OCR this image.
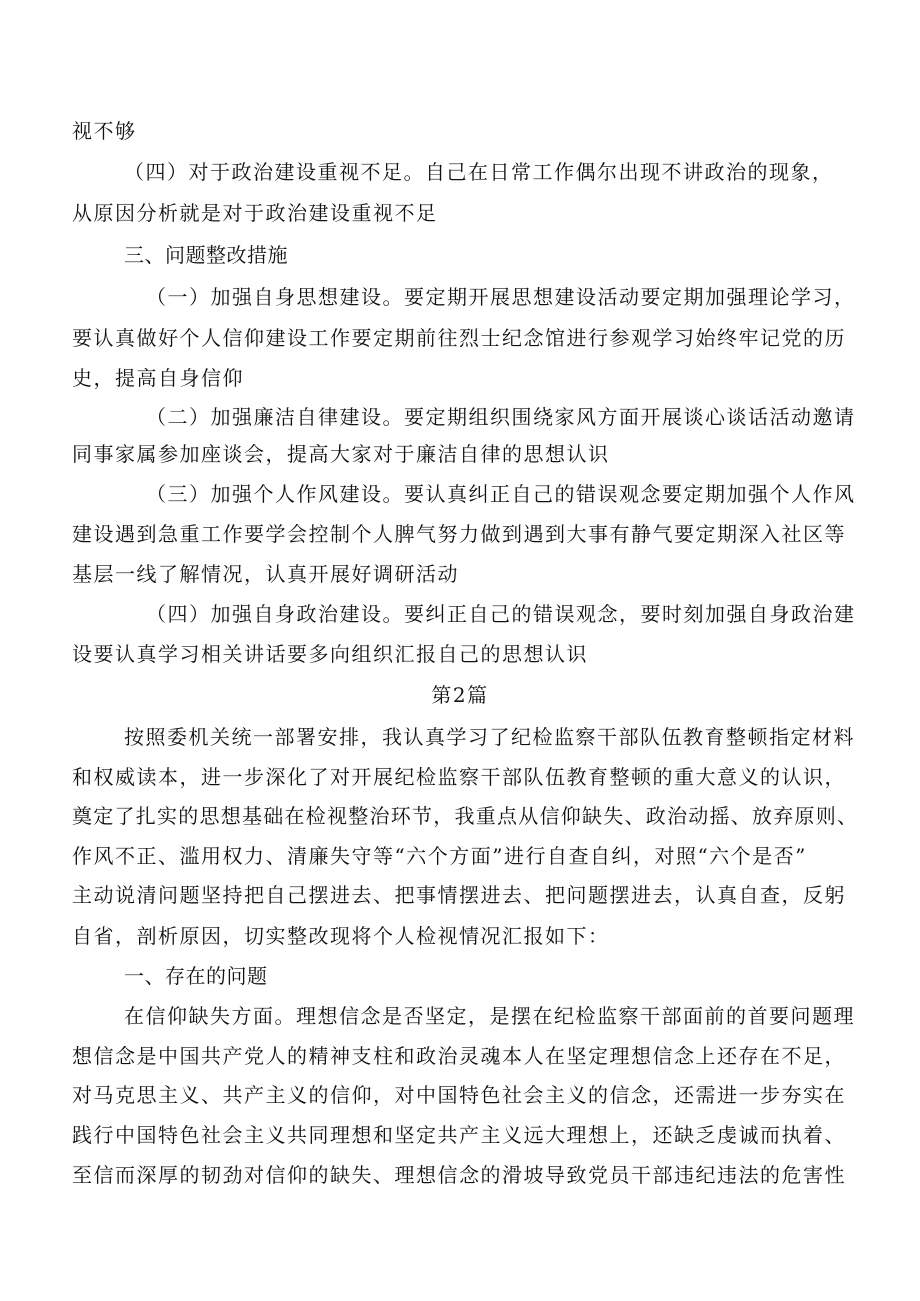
视不够
（四）对于政治建设重视不足。自己在日常工作偶尔出现不讲政治的现象，
从原因分析就是对于政治建设重视不足
三、问题整改措施
（一）加强自身思想建设。要定期开展思想建设活动要定期加强理论学习，
要认真做好个人信仰建设工作要定期前往烈士纪念馆进行参观学习始终牢记党的历
史，提高自身信仰
（二）加强廉洁自律建设。要定期组织围绕家风方面开展谈心谈话活动邀请
同事家属参加座谈会，提高大家对于廉洁自律的思想认识
（三）加强个人作风建设。要认真纠正自己的错误观念要定期加强个人作风
建设遇到急重工作要学会控制个人脾气努力做到遇到大事有静气要定期深入社区等
基层一线了解情况，认真开展好调研活动
（四）加强自身政治建设。要纠正自己的错误观念，要时刻加强自身政治建
设要认真学习相关讲话要多向组织汇报自己的思想认识
第2篇
按照委机关统一部署安排，我认真学习了纪检监察干部队伍教育整顿指定材料
和权威读本，进一步深化了对开展纪检监察干部队伍教育整顿的重大意义的认识，
奠定了扎实的思想基础在检视整治环节，我重点从信仰缺失、政治动摇、放弃原则、
作风不正、滥用权力、清廉失守等“六个方面”进行自查自纠，对照“六个是否”
主动说清问题坚持把自己摆进去、把事情摆进去、把问题摆进去，认真自查，反躬
自省，剖析原因，切实整改现将个人检视情况汇报如下：
一、存在的问题
在信仰缺失方面。理想信念是否坚定，是摆在纪检监察干部面前的首要问题理
想信念是中国共产党人的精神支柱和政治灵魂本人在坚定理想信念上还存在不足，
对马克思主义、共产主义的信仰，对中国特色社会主义的信念，还需进一步夯实在
践行中国特色社会主义共同理想和坚定共产主义远大理想上，还缺乏虔诚而执着、
至信而深厚的韧劲对信仰的缺失、理想信念的滑坡导致党员干部违纪违法的危害性
